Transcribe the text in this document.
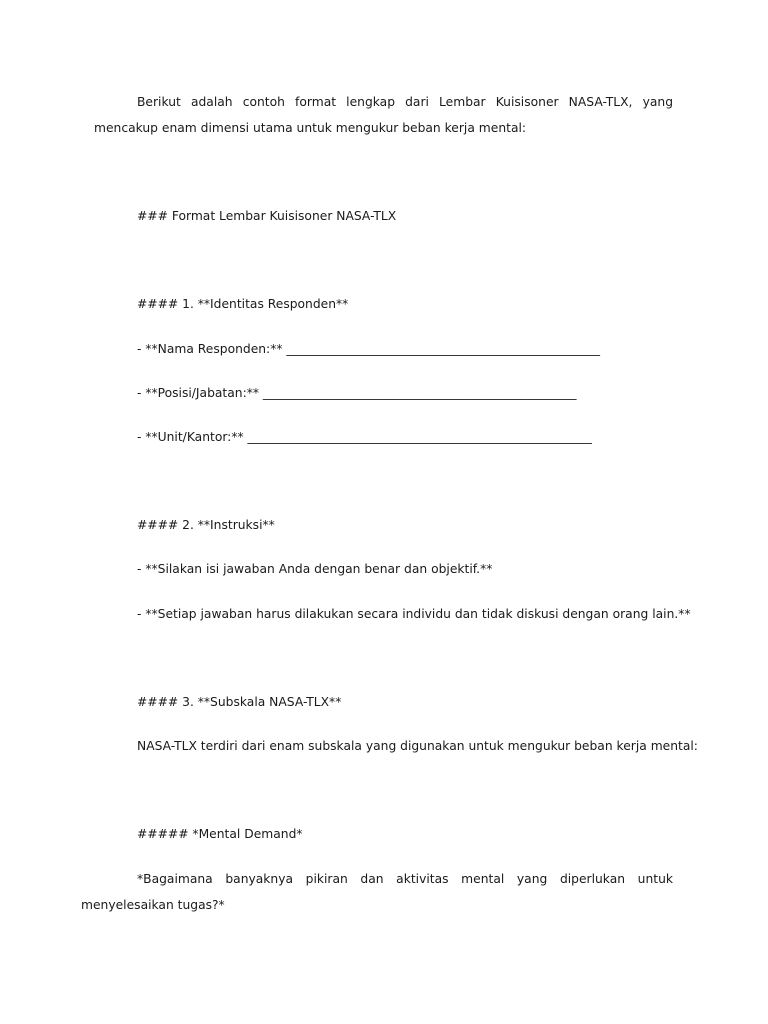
Berikut adalah contoh format lengkap dari Lembar Kuisisoner NASA-TLX, yang mencakup enam dimensi utama untuk mengukur beban kerja mental:
### Format Lembar Kuisisoner NASA-TLX
#### 1. **Identitas Responden**
- **Nama Responden:** ___________________________________________________
- **Posisi/Jabatan:** ___________________________________________________
- **Unit/Kantor:** ________________________________________________________
#### 2. **Instruksi**
- **Silakan isi jawaban Anda dengan benar dan objektif.**
- **Setiap jawaban harus dilakukan secara individu dan tidak diskusi dengan orang lain.**
#### 3. **Subskala NASA-TLX**
NASA-TLX terdiri dari enam subskala yang digunakan untuk mengukur beban kerja mental:
##### *Mental Demand*
*Bagaimana banyaknya pikiran dan aktivitas mental yang diperlukan untuk menyelesaikan tugas?*
